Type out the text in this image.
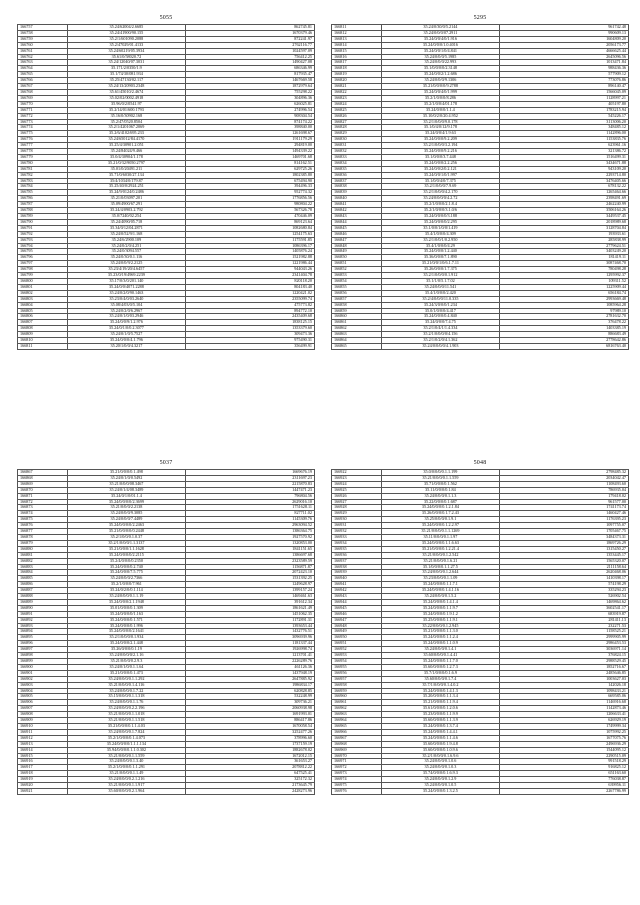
5055
166757	35.24/62004/2.6685	862745.81
166758	35.24/41900/90.155	1670379.46
166759	35.2/1/601090.2088	872241.97
166760	35.2/47029/01.4133	2762116.77
166761	35.24/60219/05.3934	1024597.09
166762	35.61/0/58020.72	756412.25
166763	35.24/12040/07.3031	1490427.08
166764	35.171/2/0350/1.9	686346.99
166765	35.1/74/30/081.934	817935.47
166766	35.25/47130/02.117	1467669.58
166767	35.24/13/20903.2348	1872979.64
166768	35.61/45010/2.4674	755298.22
166769	35.02/02/0002.4918	304896.36
166770	35.96/0/2/0541.97	626025.81
166771	35.2/14/01/600.1793	274996.54
166772	35.16/0/30902.168	908304.54
166773	35.2/47/0520.8504	874174.22
166774	35.2/1/4201067.2069	398840.00
166775	35.2/6/4102/695.233	1261698.67
166776	35.24/65012/84.4170	1911179.29
166777	35.25/4/30901.2.051	294819.00
166778	35.24/84024/9.466	1494339.22
166779	35.0/4/30904/1.178	1469701.68
166780	35.21/0/32/9050.2797	814162.51
166781	35.01/0/20491.211	629725.26
166782	35.71/0/6030/27.134	1802385.80
166783	35/4/1034/0/179.87	675494.90
166784	35.25/40/0/2924.251	394496.33
166785	35.24/9/0124/0.2486	952774.32
166786	35.21/0/03097.201	1776856.56
166787	35.09/4900/67.291	980804.22
166788	35.24/4/0903.2.792	567326.78
166789	35.0/7240/02.254	470446.09
166790	35.24/4090/05.718	869123.64
166791	35.34/0/12/04.2871	1082680.84
166792	35.24/0/52/9/1.168	1254175.63
166793	35.24/6/2900.109	1175591.85
166794	35.24/0/2/0/4.251	1086396.17
166795	35.24/0/3094.557	1405876.24
166796	35.24/0/30/0.1.116	1521982.88
166797	35.24/0/0/9/2.2125	1221986.44
166798	35.23/4/19/20/4.6457	944043.26
166799	35.23/0/19/4969.2239	2341404.78
166800	35.17/0/3/0/201.140	820118.20
166801	35.24/0/0/4071.2288	804183.40
166802	35.24/0/2/0/90.1463	1220421.02
166803	35.23/0/4/0/03.2640	2355099.74
166804	35.08/4/03/0/5.104	475773.82
166805	35.24/0/2/0/6.2967	894772.10
166806	35.24/0/1/0/03.2946	2435409.68
166807	35.24/0/0/9/1.2.976	1838125.15
166808	35.24/0/1/0/0.2.3077	1353379.60
166809	35.24/0/1/0/5.7527	309473.36
166810	35.24/0/0/0/4.1.796	975490.31
166811	35.20/1/0/0/4.3217	356499.91
5295
166811	35.24/0/30/0/5.2144	961742.48
166812	35.24/0/0/0/07.2911	990609.13
166813	35.24/0/0/4/0/1.916	1604809.20
166814	35.24/0/0/0/1.0.4016	2056173.77
166815	35.24/0/0/1/0/4.841	4666625.44
166816	35.24/0/0/0/5.1985	2645096.56
166817	35.24/0/0/0/22.993	1013471.84
166818	35.1/0/0/0/0/2.3148	988436.36
166819	35.24/0/0/2/1.2.686	577909.12
166820	35.24/0/0/0/9.1306	773076.86
166821	35.21/0/0/0/0/9.2788	896140.47
166822	35.24/0/0/4/0/1.999	1566045.09
166823	35.2/1/0/0/0/8.286	1128997.21
166824	35.2/1/0/0/4/01.178	405197.80
166825	35.24/0/0/0/1.1.4	1783215.94
166826	35.10/0/2/0/20.4.952	545226.17
166827	35.2/1/0/0/0/9.0.178	3113006.20
166828	35.1/0/4/0/12/9.178	348485.12
166829	35.24/0/0/4/1.9.63	1142896.00
166830	35.24/0/0/0/9.2.209	1153835.76
166831	35.2/1/0/0/0/3.2.194	623961.16
166832	35.24/0/0/0/9.2.216	321386.72
166833	35.1/0/0/0/3.7.448	1516499.31
166834	35.24/0/0/0/2.2.256	3434671.88
166835	35.24/0/0/2/0.2.121	943109.20
166836	35.24/0/0/1/0/1.997	2293714.80
166837	35.1/0/0/4/0/7.375	3476405.66
166838	35.2/1/0/0/0/7.9.69	678132.22
166839	35.2/1/0/0/0/4.2.170	1265464.66
166840	35.24/0/0/0/0/4.2.72	2398491.69
166841	35.2/1/0/0/0/2.1.8.4	2462240.99
166842	35.2/1/0/0/0/3.1.0/6	3506164.26
166843	35.24/0/0/0/0/3.188	3449537.45
166844	35.24/0/0/0/0/2.295	2018989.68
166845	35.1/0/0/1/0/0/1.419	3128704.84
166846	35.4/1/0/0/0/4.309	193933.61
166847	35.2/1/0/0/1/0.2.950	285838.99
166848	35.4/1/0/0/0/4.29	2779624.51
166849	35.24/0/0/0/1.2.440	3403249.20
166850	35.36/0/0/0/7.1.890	181419.11
166851	35.21/0/0/1/0/6.1.7.11	3087468.70
166852	35.26/0/0/0/1.7.375	780498.28
166853	35.2/1/0/0/0/0.1.912	1295992.37
166854	35.1/1/0/5.1.7.02	109311.52
166855	35.24/0/0/0/11.541	1225909.44
166856	35.4/1/0/0/0/2.420	656184.74
166857	35.2/4/0/0/0/11.0.335	2993669.48
166858	35.24/3/0/0/0/1.234	1085964.28
166859	35.0/1/0/0/0/4.417	97989.10
166860	35.24/0/0/0/0.4.840	2781632.70
166861	35.24/0/0/0/7.4.75	376478.22
166862	35.2/1/0/4/1/1.4.334	1403385.19
166863	35.2/1/0/0/0/0/4.156	886683.49
166864	35.2/1/0/2/0/4.1.362	2778642.86
166865	35.24/0/0/0/0/4.1.903	6816763.40
5037
166867	35.21/0/0/0/0.1.498	1669676.19
166868	35.24/0/1/0/0.5492	2311697.23
166869	35.21/0/0/0/08.3467	2215870.83
166870	35.24/0/1/4/08.3489	1447471.23
166871	35.24/0/1/0/01.1.4	796804.56
166872	35.24/0/0/0/0/2.3699	2629016.10
166873	35.21/0/0/0/2.2138	1751628.11
166874	35.24/0/0/0/9.3085	827711.02
166875	35.24/0/0/0/7.4489	1145309.76
166876	35.24/0/0/0/0/2.2463	2963094.52
166877	35.21/0/0/0/0/0.2448	1386364.75
166878	35.2/1/0/0/0.1.0.37	1927570.92
166879	35.2/1/0/0/0/1.1.3137	1320853.00
166880	35.21/0/0/0/1.1.1628	1841151.65
166881	35.24/0/0/0/0/2.2115	1386697.68
166882	35.2/4/0/0/0/0.2350	2323589.59
166883	35.24/0/0/0/0.2.740	1156871.87
166884	35.24/0/0/0/7.5.775	2072423.10
166885	35.24/0/0/0/2.7366	1531392.25
166886	35.2/1/0/0/0/7.961	1249628.97
166887	35.24/0/2/0/0.1.114	1399157.24
166888	35.24/0/0/0/0.1.1.19	1469461.63
166889	35.24/0/0/0/2.1.1948	391612.34
166890	35.01/0/0/0/0.1.309	1861621.49
166891	35.24/0/0/0/0/1.163	1451062.35
166892	35.24/0/0/0/0.1.571	1172891.31
166893	35.24/0/0/0/0.1.996	1393653.44
166894	35.24/0/0/0/0/2.1641	1432776.51
166895	35.2/1/0/0/0/0.1.934	3096939.96
166896	35.24/0/0/0/2.1.448	1181337.44
166897	35.26/0/0/0/0.1.19	1926998.74
166898	35.24/0/0/0/0/2.1.16	1213701.41
166899	35.21/0/0/0/0.2.9.3	2226289.76
166900	35.24/0/1/0/0.1.1.64	461126.36
166901	35.21/0/0/0/0.1.473	1437948.19
166902	35.24/0/0/0/0.1.1.292	2647885.92
166903	35.21/0/0/0/0.1.4.116	1986834.17
166904	35.24/0/0/0/0.1.7.22	620828.85
166905	35.15/0/0/0/0.1.1.318	532248.99
166906	35.24/0/0/0/0.1.1.76	309736.21
166907	35.24/0/0/0/0.2.2.196	2060938.98
166908	35.21/0/0/0/0.1.1.018	1691993.01
166909	35.21/0/0/0/0.1.1.518	886417.86
166910	35.21/0/0/0/0.1.1.4.03	1670058.54
166911	35.24/0/0/0/0.1.7.824	3252477.26
166912	35.2/1/0/0/0/0.1.4.073	378996.60
166913	35.24/0/0/0/0/1.1.1.134	1737159.19
166914	35.94/0/0/0/0.1.1.0.302	1882678.02
166915	35.21/0/0/0/0.1.1.559	1672012.15
166916	35.24/0/0/0/0.1.3.40	361653.27
166917	35.2/1/0/0/0/0.1.1.291	2078812.22
166918	35.21/0/0/0/0.1.1.49	647525.41
166919	35.24/0/0/0/0.2.1.216	325172.32
166920	35.21/0/0/0/0.1.1.917	2173645.79
166921	35.60/0/0/0/0.2.1.964	2428273.96
5048
166922	35.0/0/0/0/0.1.1.199	2798485.32
166923	35.21/0/0/0/0.1.1.559	2034042.47
166924	35.71/0/0/0/0.1.562	1108493.60
166925	35.11/0/0/0/0.1.84	786935.04
166926	35.24/0/0/0/0.1.1.3	179418.02
166927	35.22/0/0/0/0.1.687	961577.00
166928	35.24/0/0/0/0.1.2.1.84	1741173.74
166929	35.26/0/0/0/0.1.7.2.43	1460427.46
166930	35.25/0/0/0/0.1.9.1	1176395.23
166931	35.24/0/0/0/0.1.2.2.97	1097755.07
166932	35.21/0/0/0/0.1.1.1269	1705467.75
166933	35.11/0/0/0/0.1.1.97	3484373.31
166934	35.24/0/0/0/0.1.1.6.63	1869726.29
166935	35.21/0/0/0/0.1.2.21.4	1315450.27
166936	35.21/0/0/0/0.1.2.542	1353445.17
166937	35.21/0/0/0/0.1.6.21	1565320.07
166938	35.1/0/0/0/0.1.1.27.5	2111158.64
166939	35.24/0/0/0/0.1.2.644	2620468.06
166940	35.23/0/0/0/0.1.1.09	1410398.17
166941	35.24/0/0/0/0.1.1.7.1	574198.29
166942	35.24/0/0/0/0.1.4.1.16	335294.23
166943	35.24/0/0/0/0.1.5.2	526902.54
166944	35.24/0/0/0/0.1.4.1.4	1469864.62
166945	35.24/0/0/0/0.1.1.9.7	3602541.17
166946	35.24/0/0/0/0.1.9.1.2	683919.87
166947	35.25/0/0/0/0.1.1.9.1	281411.13
166948	35.22/0/0/0/0.1.2.945	232271.53
166949	35.21/0/0/0/0.1.1.3.0	1158525.21
166950	35.24/0/0/0/0.1.1.2.4	2999905.99
166951	35.24/0/0/0/0.1.1.0.9	2986453.53
166952	35.24/0/0/0/0.1.4.1	3036971.14
166953	35.60/0/0/0/0.1.4.41	376824.15
166954	35.24/0/0/0/0.1.1.7.0	2988529.45
166955	35.60/0/0/0/0.1.2.7.3	1852716.67
166956	35.7/1/0/0/0/0.1.6.9	2485646.85
166957	35.60/0/0/0/0.1.7.4	1003627.03
166958	35.7/1/0/0/0/0.1.4.0.2	142026.18
166959	35.24/0/0/0/0.1.4.1.3	1098433.21
166960	35.20/0/0/0/0.1.1.3.4	669585.06
166961	35.21/0/0/0/0.1.1.9.4	1146916.68
166962	35.61/0/0/0/0.1.2.0.6	1142873.46
166963	35.23/0/0/0/0.1.1.9.9	1206633.41
166964	35.60/0/0/0/0.1.1.3.9	626929.19
166965	35.24/0/0/0/0.1.3.7.4	1749999.34
166966	35.24/0/0/0/0.1.4.4.1	1075992.25
166967	35.24/0/0/0/0.1.1.4.6	1677075.76
166968	35.60/0/0/0/0.1.9.4.8	2496936.29
166969	35.60/0/0/0/0.1.0.9.6	1544095.12
166970	35.2/1/0/0/0/0.1.6.9.6	2290515.09
166971	35.24/0/0/0/0.1.0.6	991518.29
166972	35.24/0/0/0/0.1.0.3	916825.12
166973	35.74/0/0/0/0.1.6.9.3	651163.60
166974	35.24/0/0/0/0.1.2.9	776038.87
166975	35.24/0/0/0/0.1.0.5	639956.11
166976	35.24/0/0/0/0.1.3.2.5	2267786.99
